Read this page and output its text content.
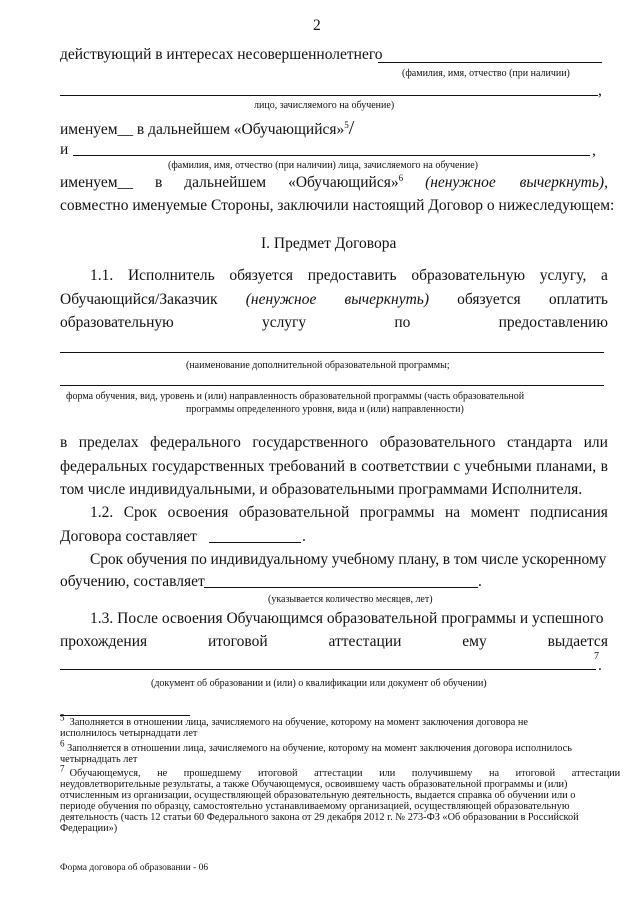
2
действующий в интересах несовершеннолетнего
(фамилия, имя, отчество (при наличии)
,
лицо, зачисляемого на обучение)
именуем__ в дальнейшем «Обучающийся»$^5$/
и	,
(фамилия, имя, отчество (при наличии) лица, зачисляемого на обучение)
именуем__ в дальнейшем «Обучающийся»$^6$ (ненужное вычеркнуть),
совместно именуемые Стороны, заключили настоящий Договор о нижеследующем:
I. Предмет Договора
1.1. Исполнитель обязуется предоставить образовательную услугу, а
Обучающийся/Заказчик (ненужное вычеркнуть) обязуется оплатить
образовательную	услугу	по	предоставлению
(наименование дополнительной образовательной программы;
форма обучения, вид, уровень и (или) направленность образовательной программы (часть образовательной
программы определенного уровня, вида и (или) направленности)
в пределах федерального государственного образовательного стандарта или
федеральных государственных требований в соответствии с учебными планами, в
том числе индивидуальными, и образовательными программами Исполнителя.
1.2. Срок освоения образовательной программы на момент подписания
Договора составляет	.
Срок обучения по индивидуальному учебному плану, в том числе ускоренному
обучению, составляет	.
(указывается количество месяцев, лет)
1.3. После освоения Обучающимся образовательной программы и успешного
прохождения	итоговой	аттестации	ему	выдается
7
.
(документ об образовании и (или) о квалификации или документ об обучении)
$^5$ Заполняется в отношении лица, зачисляемого на обучение, которому на момент заключения договора не
исполнилось четырнадцати лет
$^6$ Заполняется в отношении лица, зачисляемого на обучение, которому на момент заключения договора исполнилось
четырнадцать лет
$^7$ Обучающемуся, не прошедшему итоговой аттестации или получившему на итоговой аттестации
неудовлетворительные результаты, а также Обучающемуся, освоившему часть образовательной программы и (или)
отчисленным из организации, осуществляющей образовательную деятельность, выдается справка об обучении или о
периоде обучения по образцу, самостоятельно устанавливаемому организацией, осуществляющей образовательную
деятельность (часть 12 статьи 60 Федерального закона от 29 декабря 2012 г. № 273-ФЗ «Об образовании в Российской
Федерации»)
Форма договора об образовании - 06
